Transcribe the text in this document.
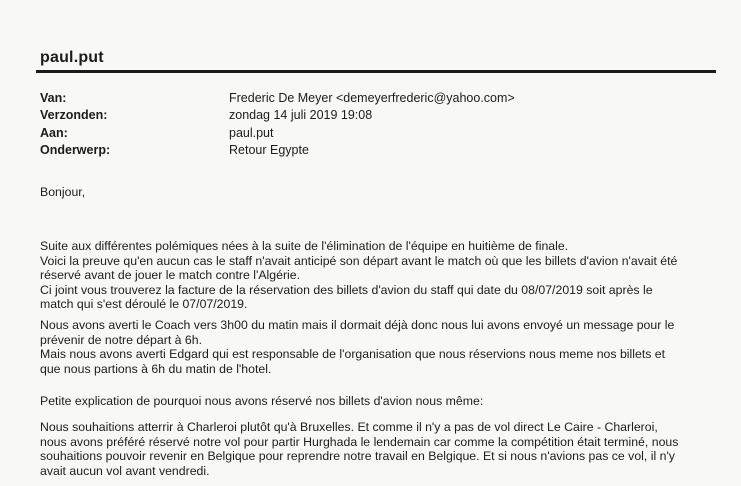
paul.put
Van:	Frederic De Meyer <demeyerfrederic@yahoo.com>
Verzonden:	zondag 14 juli 2019 19:08
Aan:	paul.put
Onderwerp:	Retour Egypte
Bonjour,
Suite aux différentes polémiques nées à la suite de l'élimination de l'équipe en huitième de finale.
Voici la preuve qu'en aucun cas le staff n'avait anticipé son départ avant le match où que les billets d'avion n'avait été
réservé avant de jouer le match contre l'Algérie.
Ci joint vous trouverez la facture de la réservation des billets d'avion du staff qui date du 08/07/2019 soit après le
match qui s'est déroulé le 07/07/2019.
Nous avons averti le Coach vers 3h00 du matin mais il dormait déjà donc nous lui avons envoyé un message pour le
prévenir de notre départ à 6h.
Mais nous avons averti Edgard qui est responsable de l'organisation que nous réservions nous meme nos billets et
que nous partions à 6h du matin de l'hotel.
Petite explication de pourquoi nous avons réservé nos billets d'avion nous même:
Nous souhaitions atterrir à Charleroi plutôt qu'à Bruxelles. Et comme il n'y a pas de vol direct Le Caire - Charleroi,
nous avons préféré réservé notre vol pour partir Hurghada le lendemain car comme la compétition était terminé, nous
souhaitions pouvoir revenir en Belgique pour reprendre notre travail en Belgique. Et si nous n'avions pas ce vol, il n'y
avait aucun vol avant vendredi.
